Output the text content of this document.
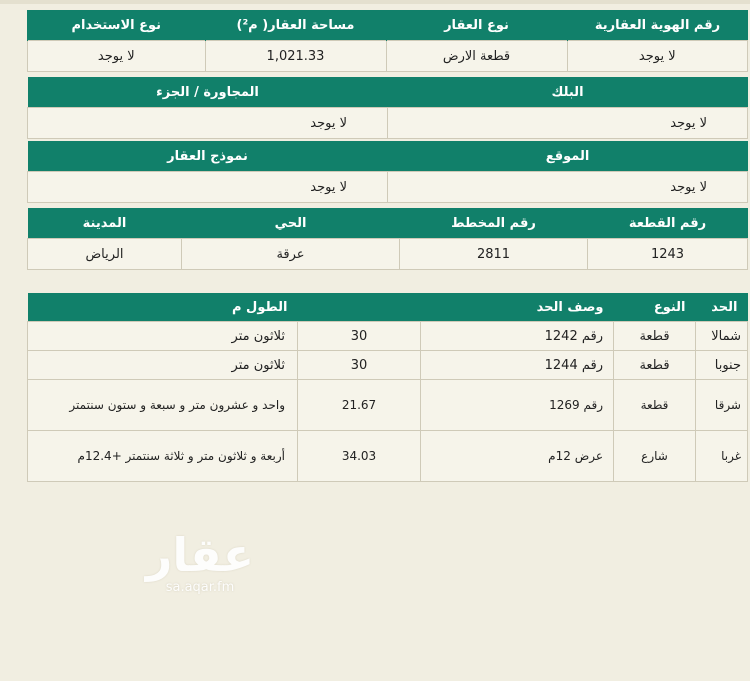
رقم الهوية العقارية	نوع العقار	مساحة العقار( م²)	نوع الاستخدام
لا يوجد	قطعة الارض	1,021.33	لا يوجد
البلك	المجاورة / الجزء
لا يوجد	لا يوجد
الموقع	نموذج العقار
لا يوجد	لا يوجد
رقم القطعة	رقم المخطط	الحي	المدينة
1243	2811	عرقة	الرياض
الحد	النوع	وصف الحد		الطول م
شمالا	قطعة	رقم 1242	30	ثلاثون متر
جنوبا	قطعة	رقم 1244	30	ثلاثون متر
شرقا	قطعة	رقم 1269	21.67	واحد و عشرون متر و سبعة و ستون سنتمتر
غربا	شارع	عرض 12م	34.03	أربعة و ثلاثون متر و ثلاثة سنتمتر +12.4م
عقار
sa.aqar.fm
